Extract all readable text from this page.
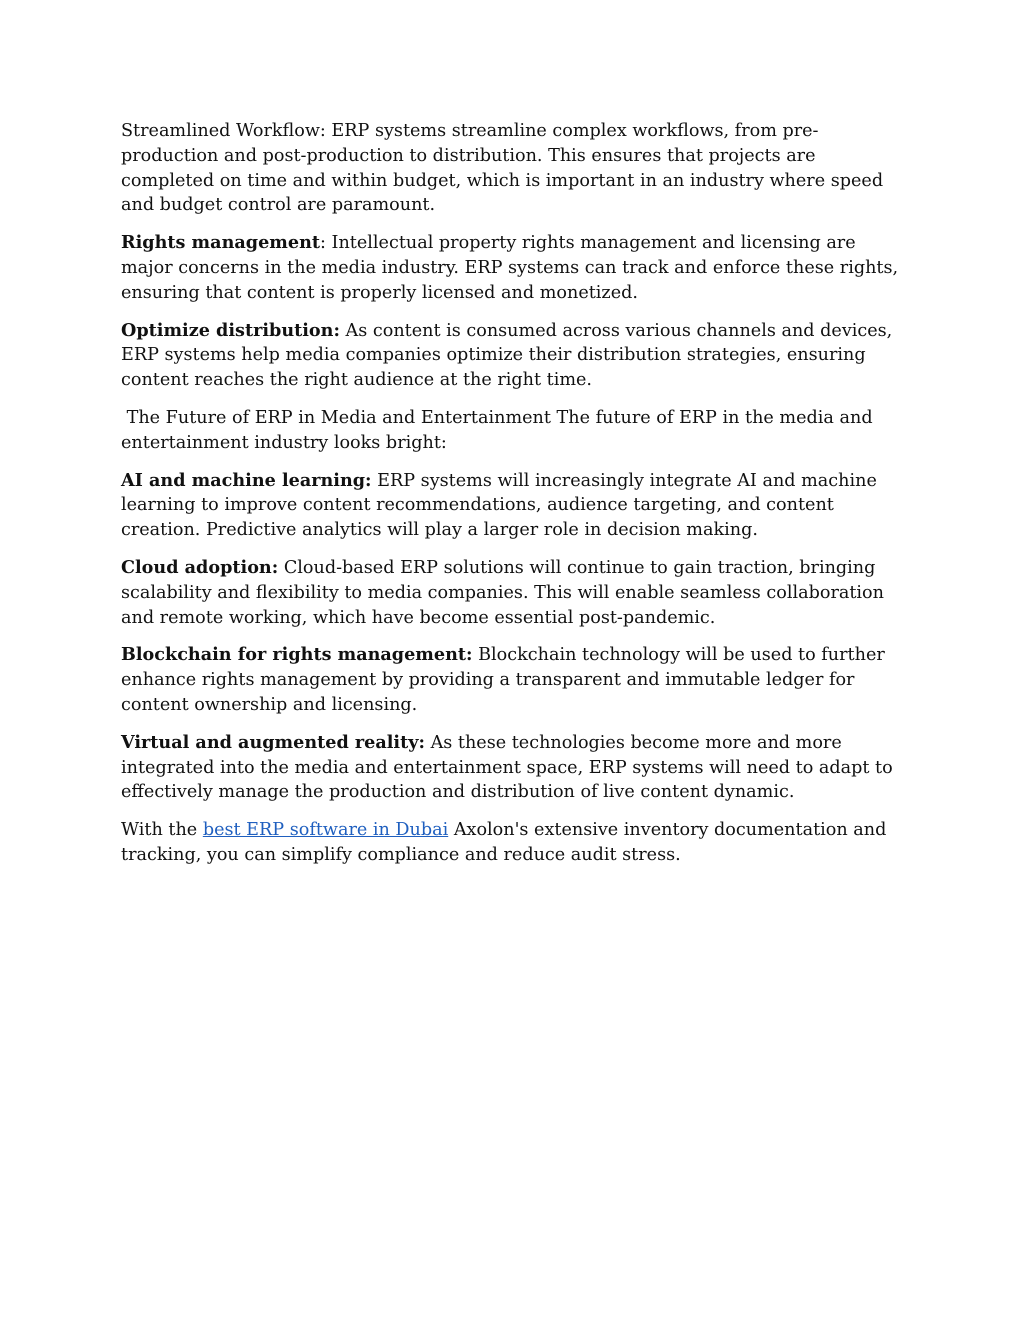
Streamlined Workflow: ERP systems streamline complex workflows, from pre-production and post-production to distribution. This ensures that projects are completed on time and within budget, which is important in an industry where speed and budget control are paramount.

Rights management: Intellectual property rights management and licensing are major concerns in the media industry. ERP systems can track and enforce these rights, ensuring that content is properly licensed and monetized.

Optimize distribution: As content is consumed across various channels and devices, ERP systems help media companies optimize their distribution strategies, ensuring content reaches the right audience at the right time.

The Future of ERP in Media and Entertainment The future of ERP in the media and entertainment industry looks bright:

AI and machine learning: ERP systems will increasingly integrate AI and machine learning to improve content recommendations, audience targeting, and content creation. Predictive analytics will play a larger role in decision making.

Cloud adoption: Cloud-based ERP solutions will continue to gain traction, bringing scalability and flexibility to media companies. This will enable seamless collaboration and remote working, which have become essential post-pandemic.

Blockchain for rights management: Blockchain technology will be used to further enhance rights management by providing a transparent and immutable ledger for content ownership and licensing.

Virtual and augmented reality: As these technologies become more and more integrated into the media and entertainment space, ERP systems will need to adapt to effectively manage the production and distribution of live content dynamic.

With the best ERP software in Dubai Axolon's extensive inventory documentation and tracking, you can simplify compliance and reduce audit stress.
